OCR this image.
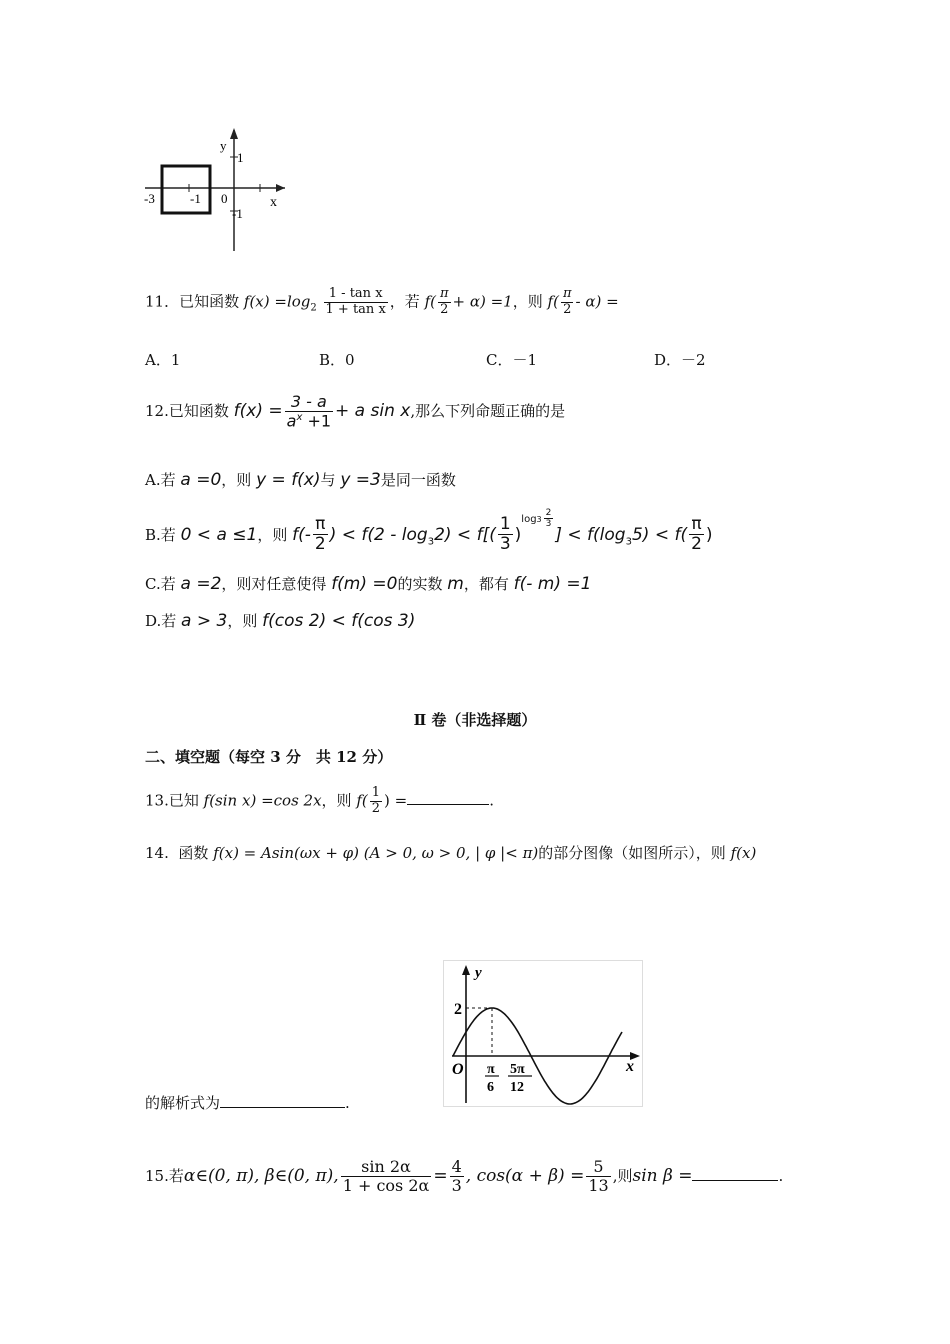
y
1
-1
x
-3	-1 0
11．已知函数 $f(x) =\log_2 \frac{\text{1 - tan x}}{\text{1 + tan x}}$ ，若 $f( \frac{\pi}{2} + \alpha) =1$，则 $f( \frac{\pi}{2} - \alpha)$ =
A．1	B．0	C．－1	D．－2
12.已知函数 $f(x) = \frac{3 - a}{a^x +1} + a$ sin x,那么下列命题正确的是
A.若 a =0，则 y = f(x)与 y =3是同一函数
B.若 0 < a ≤1，则 $f(- \frac{\pi}{2}$ ) < $f(2 - \log_32) < f[( \frac{1}{3} )^{log3 \frac{2}{3}}$
] < $f(\log_35) < f( \frac{\pi}{2}$ )
C.若 a =2，则对任意使得 f(m) =0的实数 m，都有 f(- m) =1
D.若 a > 3，则 f(cos 2) < f(cos 3)
Ⅱ 卷（非选择题）
二、填空题（每空 3 分　共 12 分）
13.已知 f(sin x) =cos 2x，则 $f( \frac{1}{2}$ ) =	.
14. 函数 f(x) = Asin(ωx + φ) (A > 0, ω > 0, | φ |< π)的部分图像（如图所示），则 f(x)
y
x
O
2
π
6
5π
12
的解析式为	.
15.若α∈(0, π), β∈(0, π), $\frac{\sin 2\alpha}{1 + \cos 2\alpha} = \frac{4}{3}$ , $\cos(\alpha + \beta) = \frac{5}{13}$ ,则sin β =	.
